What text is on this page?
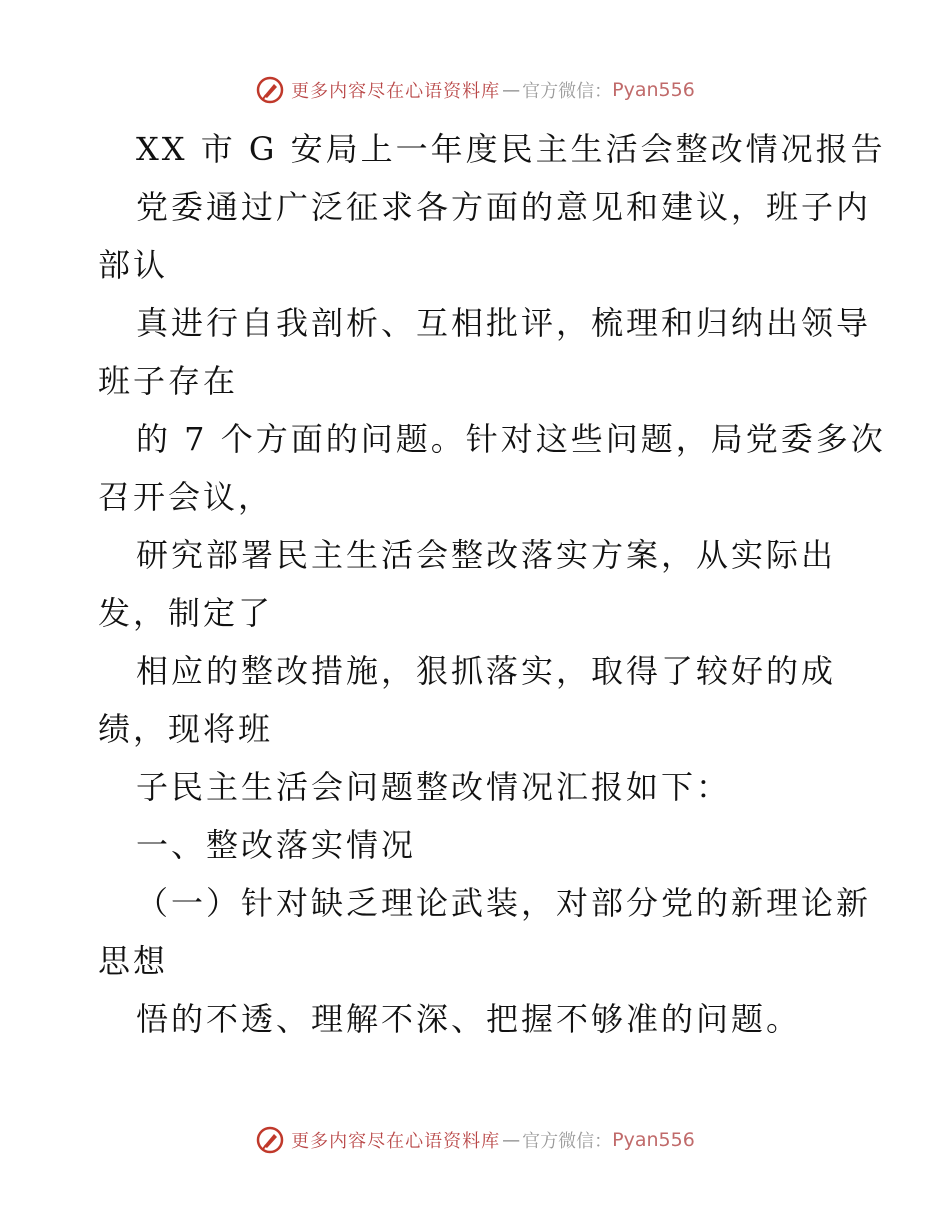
更多内容尽在心语资料库 — 官方微信： Pyan556
XX 市 G 安局上一年度民主生活会整改情况报告
党委通过广泛征求各方面的意见和建议，班子内
部认
真进行自我剖析、互相批评，梳理和归纳出领导
班子存在
的 7 个方面的问题。针对这些问题，局党委多次
召开会议，
研究部署民主生活会整改落实方案，从实际出
发，制定了
相应的整改措施，狠抓落实，取得了较好的成
绩，现将班
子民主生活会问题整改情况汇报如下：
一、整改落实情况
（一）针对缺乏理论武装，对部分党的新理论新
思想
悟的不透、理解不深、把握不够准的问题。
更多内容尽在心语资料库 — 官方微信： Pyan556
